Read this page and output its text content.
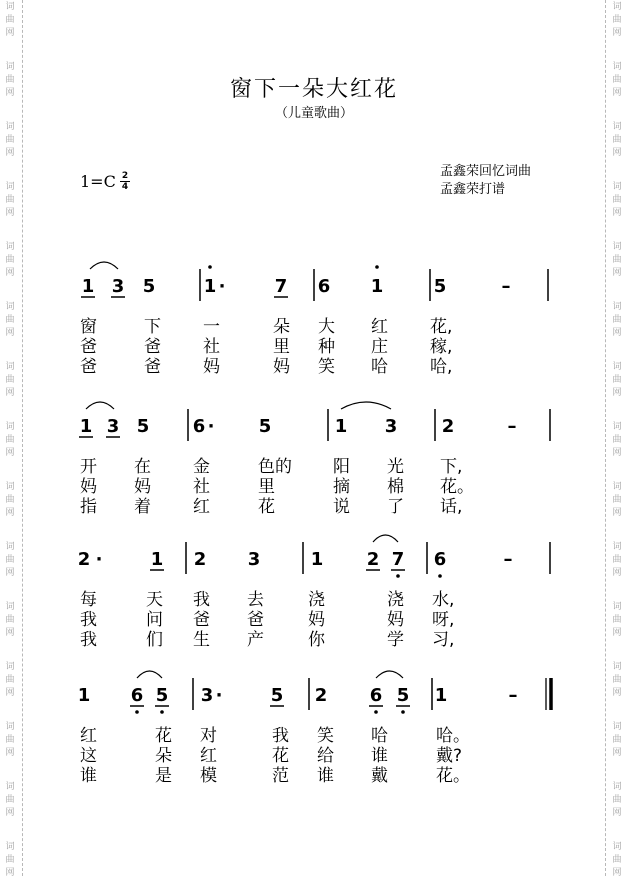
词
曲
网
词
曲
网
词
曲
网
词
曲
网
词
曲
网
词
曲
网
词
曲
网
词
曲
网
词
曲
网
词
曲
网
词
曲
网
词
曲
网
词
曲
网
词
曲
网
词
曲
网
词
曲
网
词
曲
网
词
曲
网
词
曲
网
词
曲
网
词
曲
网
词
曲
网
词
曲
网
词
曲
网
词
曲
网
词
曲
网
词
曲
网
词
曲
网
词
曲
网
词
曲
网
窗下一朵大红花
（儿童歌曲）
1=C 2
4
孟鑫荣回忆词曲
孟鑫荣打谱
1 3 5	1 ·	7 6 1	5	–
窗	下 一	朵 大 红 花,
爸	爸 社	里 种 庄 稼,
爸	爸 妈	妈 笑 哈 哈,
1 3 5 6 · 5	1 3 2	–
开 在 金	色的 阳 光 下,
妈 妈 社	里	摘 棉 花。
指 着 红	花	说 了 话,
2 ·	1 2 3	1 2 7 6	–
每	天 我 去	浇	浇 水,
我	问 爸 爸	妈	妈 呀,
我	们 生 产	你	学 习,
1 6 5 3 ·	5 2 6 5 1	–
红	花 对	我 笑 哈	哈。
这	朵 红	花 给 谁	戴?
谁	是 模	范 谁 戴	花。
